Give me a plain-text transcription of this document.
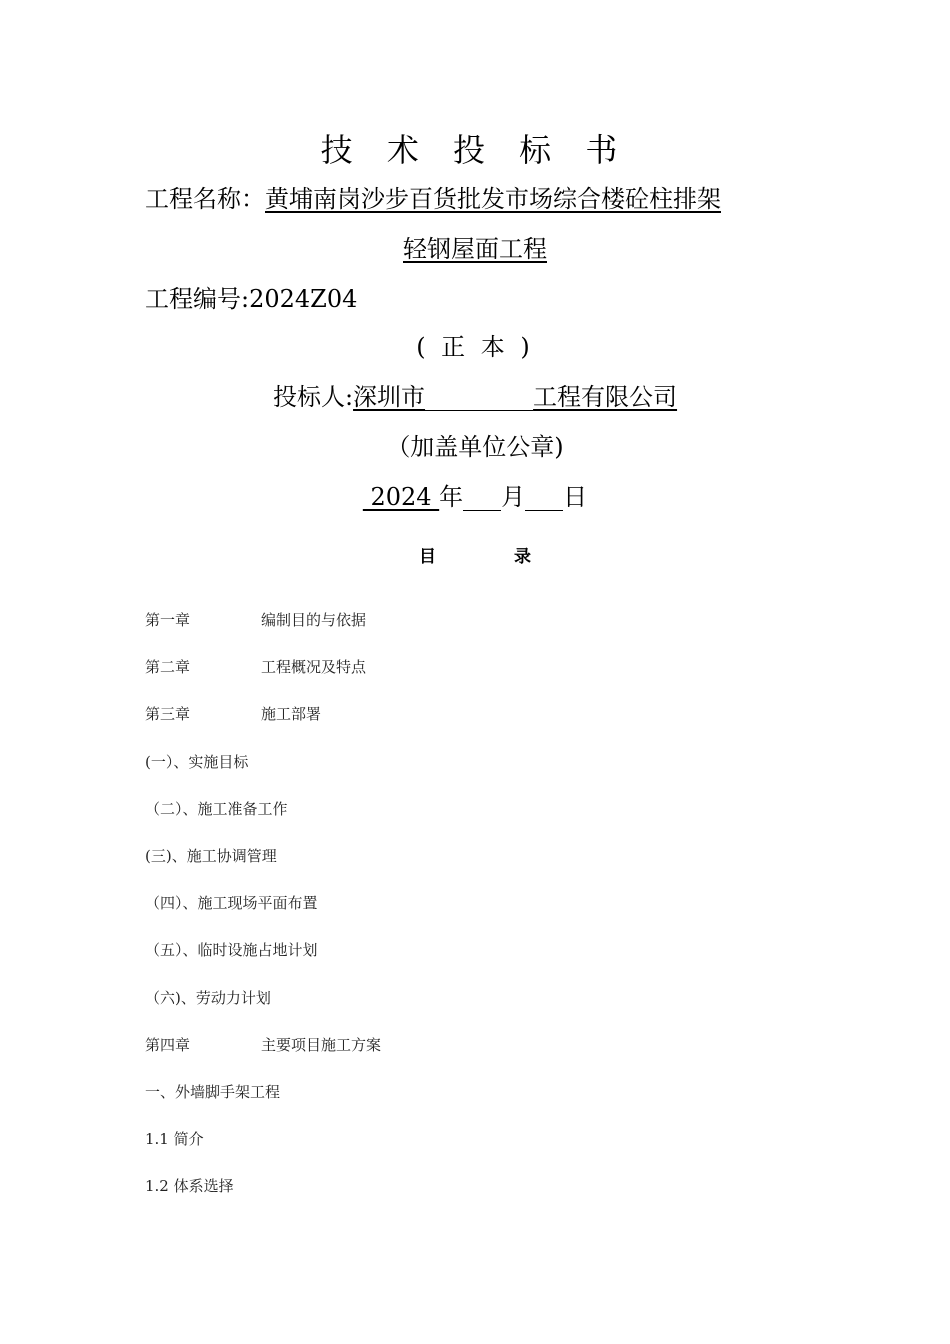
技 术 投 标 书
工程名称：黄埔南岗沙步百货批发市场综合楼砼柱排架
轻钢屋面工程
工程编号:2024Z04
( 正 本 )
投标人:深圳市	工程有限公司
（加盖单位公章)
2024 年 月 日
目	录
第一章	编制目的与依据
第二章	工程概况及特点
第三章	施工部署
(一）、实施目标
（二）、施工准备工作
(三)、施工协调管理
（四）、施工现场平面布置
（五）、临时设施占地计划
（六)、劳动力计划
第四章	主要项目施工方案
一、外墙脚手架工程
1.1 简介
1.2 体系选择
